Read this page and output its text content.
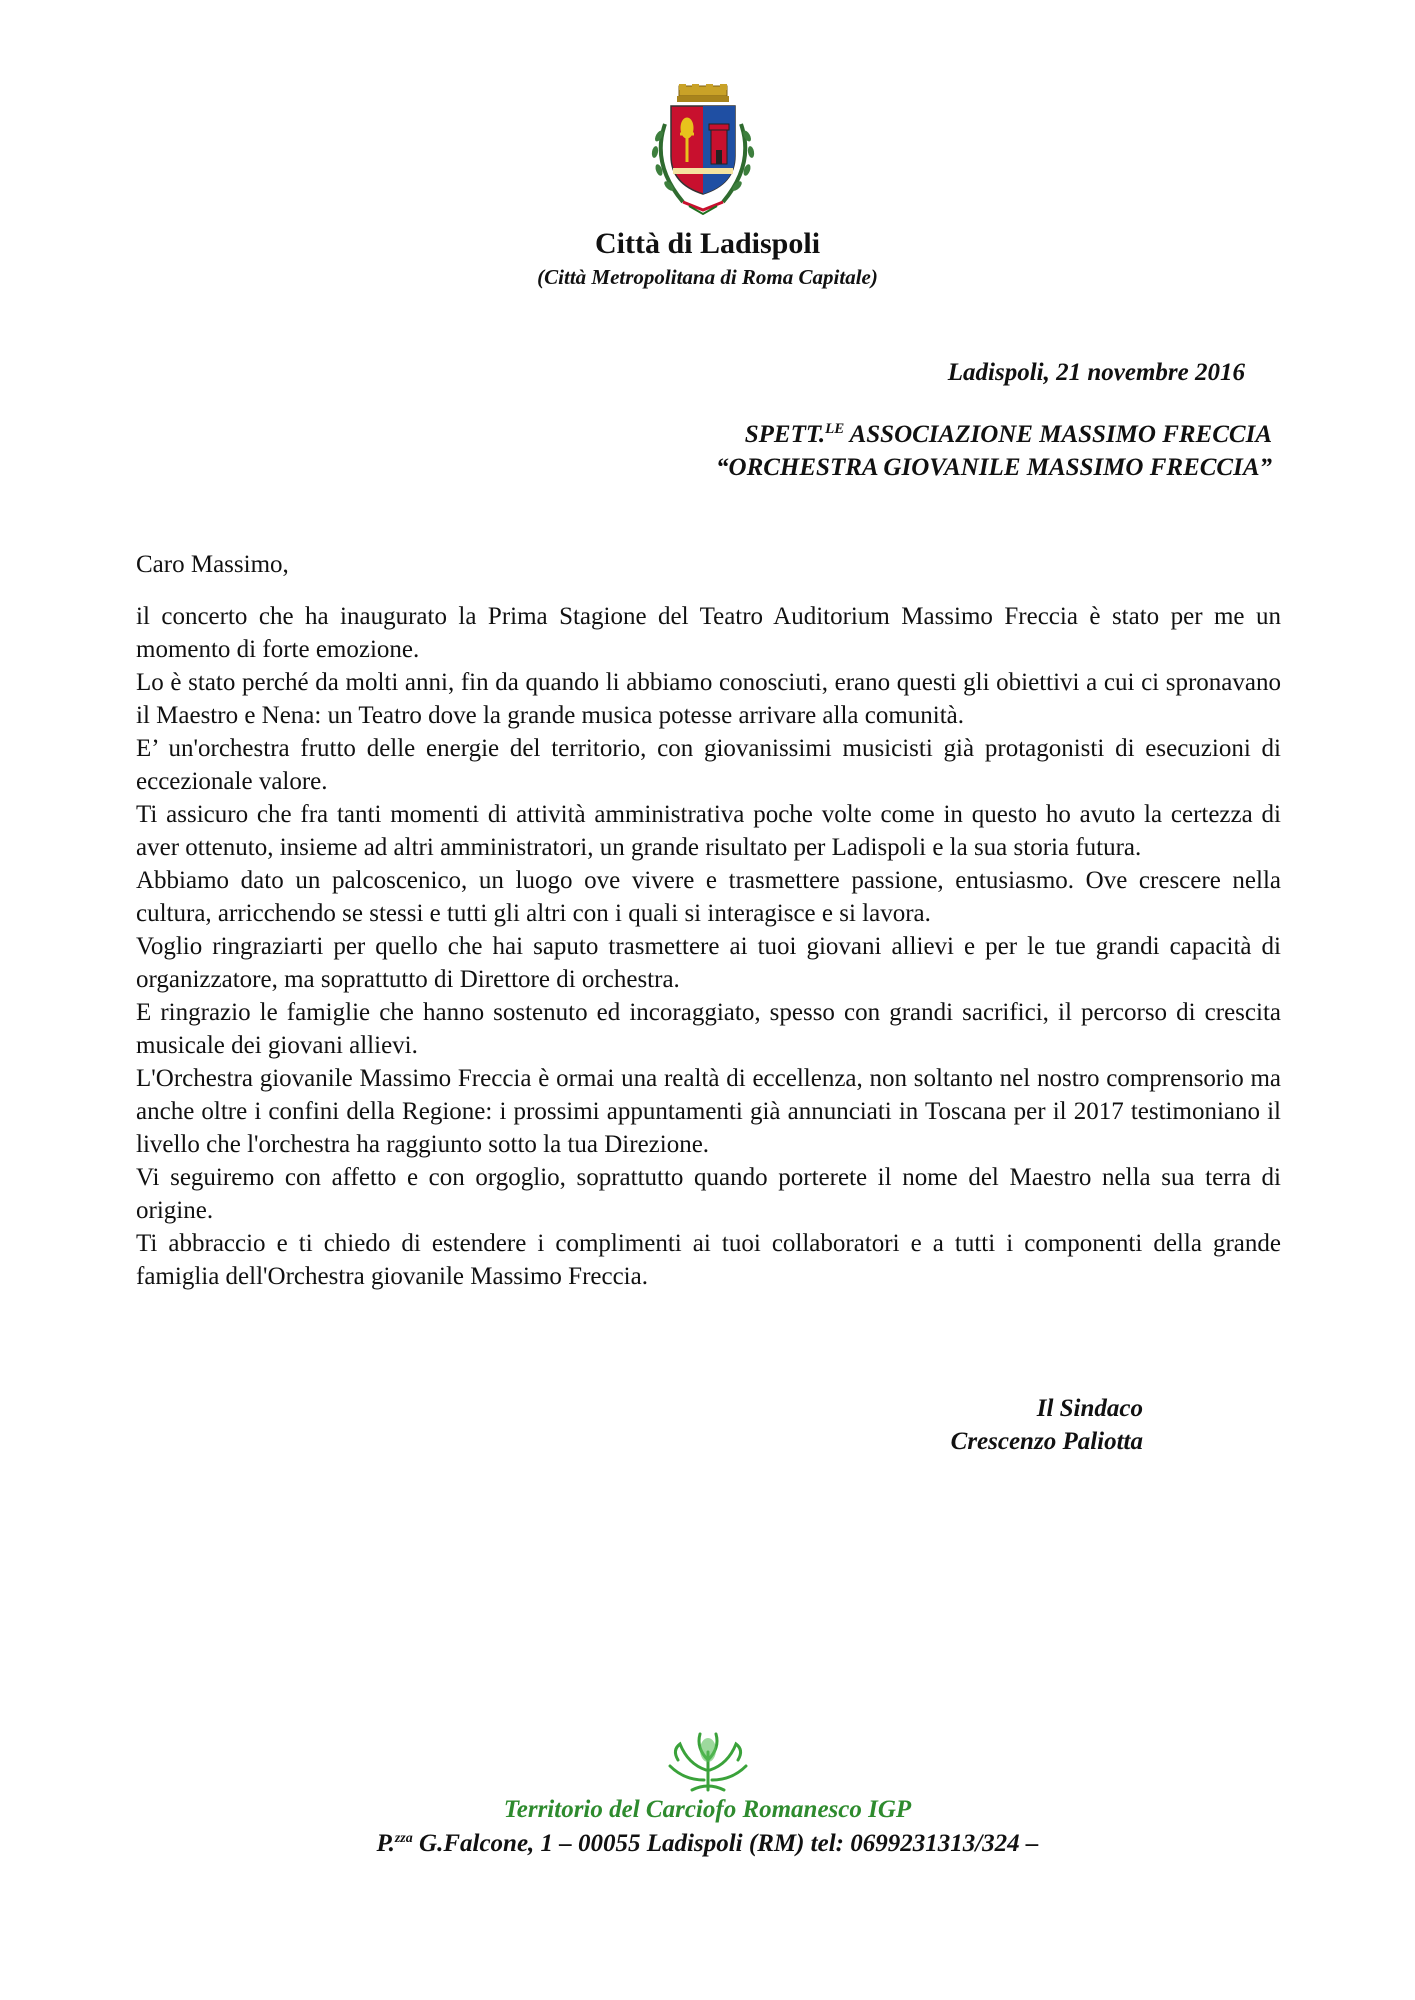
Città di Ladispoli

(Città Metropolitana di Roma Capitale)

Ladispoli, 21 novembre 2016

SPETT.$^{LE}$ ASSOCIAZIONE MASSIMO FRECCIA
“ORCHESTRA GIOVANILE MASSIMO FRECCIA”

Caro Massimo,

il concerto che ha inaugurato la Prima Stagione del Teatro Auditorium Massimo Freccia è stato per me un momento di forte emozione.

Lo è stato perché da molti anni, fin da quando li abbiamo conosciuti, erano questi gli obiettivi a cui ci spronavano il Maestro e Nena: un Teatro dove la grande musica potesse arrivare alla comunità.

E’ un'orchestra frutto delle energie del territorio, con giovanissimi musicisti già protagonisti di esecuzioni di eccezionale valore.

Ti assicuro che fra tanti momenti di attività amministrativa poche volte come in questo ho avuto la certezza di aver ottenuto, insieme ad altri amministratori, un grande risultato per Ladispoli e la sua storia futura.

Abbiamo dato un palcoscenico, un luogo ove vivere e trasmettere passione, entusiasmo. Ove crescere nella cultura, arricchendo se stessi e tutti gli altri con i quali si interagisce e si lavora.

Voglio ringraziarti per quello che hai saputo trasmettere ai tuoi giovani allievi e per le tue grandi capacità di organizzatore, ma soprattutto di Direttore di orchestra.

E ringrazio le famiglie che hanno sostenuto ed incoraggiato, spesso con grandi sacrifici, il percorso di crescita musicale dei giovani allievi.

L'Orchestra giovanile Massimo Freccia è ormai una realtà di eccellenza, non soltanto nel nostro comprensorio ma anche oltre i confini della Regione: i prossimi appuntamenti già annunciati in Toscana per il 2017 testimoniano il livello che l'orchestra ha raggiunto sotto la tua Direzione.

Vi seguiremo con affetto e con orgoglio, soprattutto quando porterete il nome del Maestro nella sua terra di origine.

Ti abbraccio e ti chiedo di estendere i complimenti ai tuoi collaboratori e a tutti i componenti della grande famiglia dell'Orchestra giovanile Massimo Freccia.

Il Sindaco
Crescenzo Paliotta

Territorio del Carciofo Romanesco IGP

P.$^{zza}$ G.Falcone, 1 – 00055 Ladispoli (RM) tel: 0699231313/324 –
